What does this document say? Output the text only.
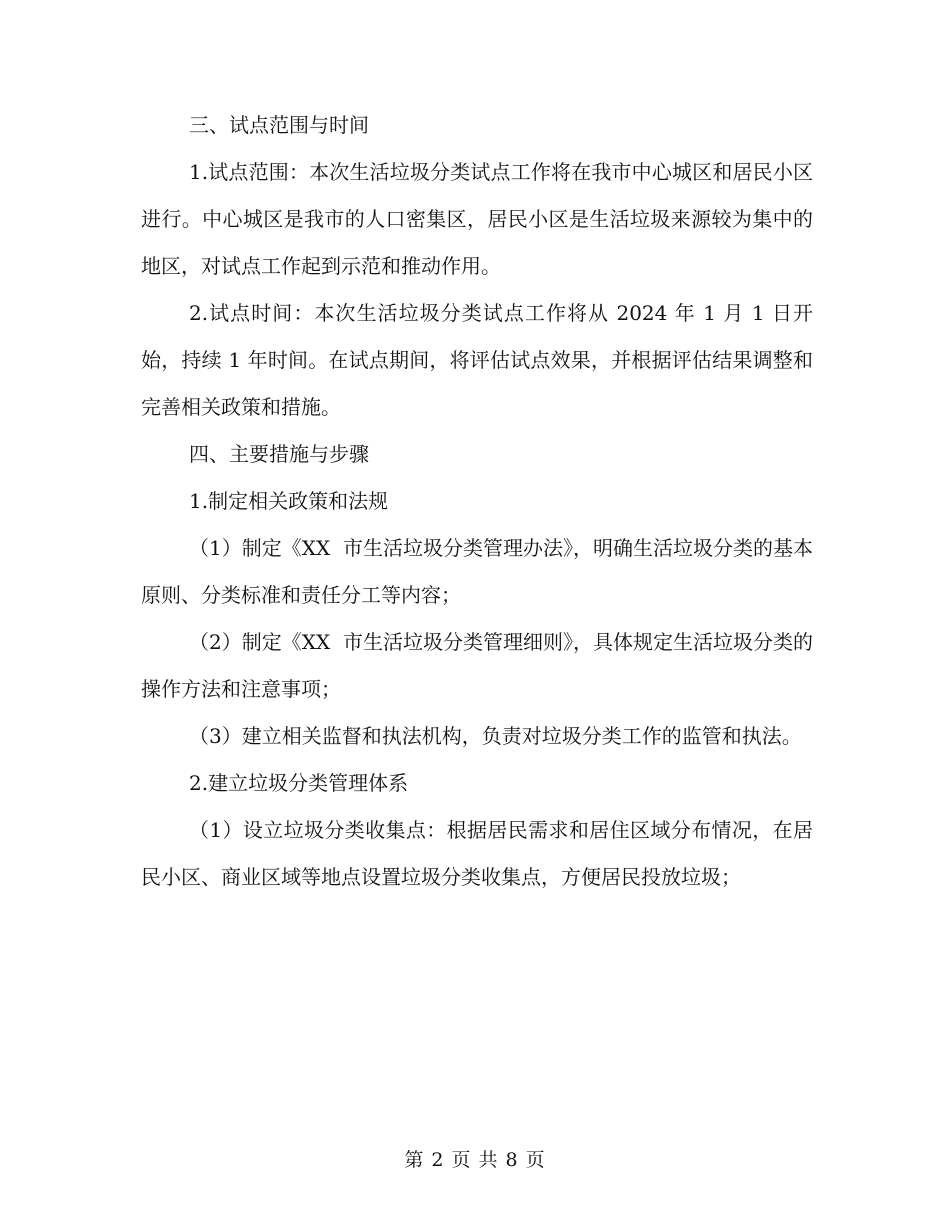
三、试点范围与时间

1.试点范围：本次生活垃圾分类试点工作将在我市中心城区和居民小区进行。中心城区是我市的人口密集区，居民小区是生活垃圾来源较为集中的地区，对试点工作起到示范和推动作用。

2.试点时间：本次生活垃圾分类试点工作将从 2024 年 1 月 1 日开始，持续 1 年时间。在试点期间，将评估试点效果，并根据评估结果调整和完善相关政策和措施。

四、主要措施与步骤

1.制定相关政策和法规

（1）制定《XX  市生活垃圾分类管理办法》，明确生活垃圾分类的基本原则、分类标准和责任分工等内容；

（2）制定《XX  市生活垃圾分类管理细则》，具体规定生活垃圾分类的操作方法和注意事项；

（3）建立相关监督和执法机构，负责对垃圾分类工作的监管和执法。

2.建立垃圾分类管理体系

（1）设立垃圾分类收集点：根据居民需求和居住区域分布情况，在居民小区、商业区域等地点设置垃圾分类收集点，方便居民投放垃圾；

第 2 页 共 8 页
